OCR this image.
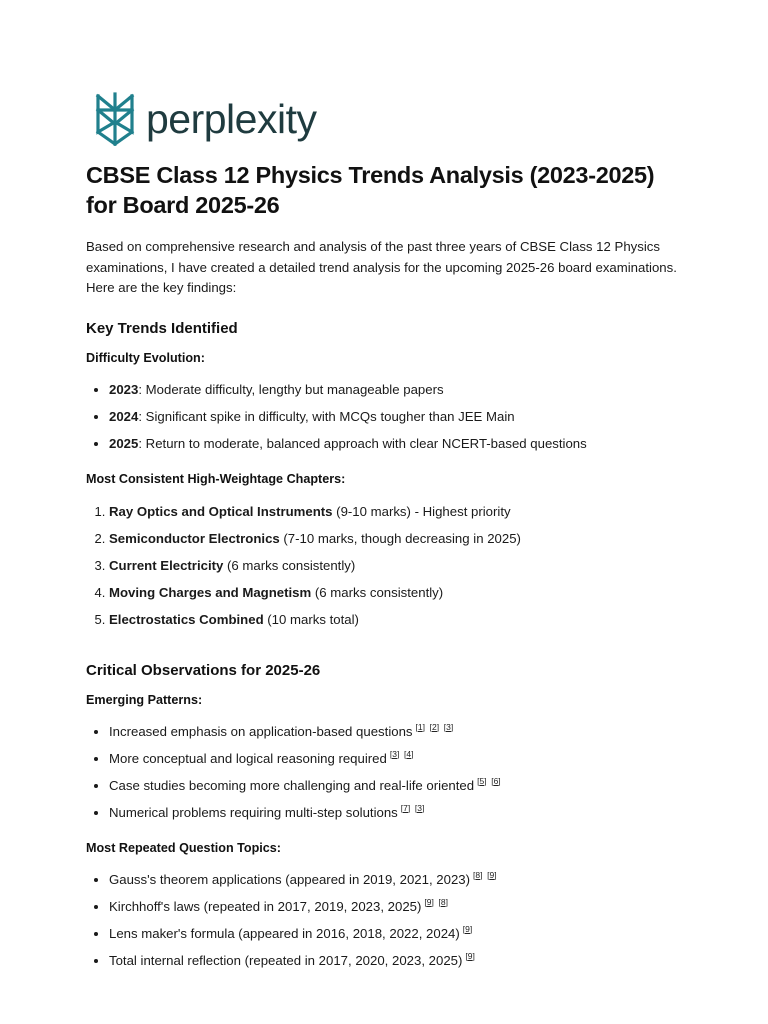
perplexity
CBSE Class 12 Physics Trends Analysis (2023-2025) for Board 2025-26

Based on comprehensive research and analysis of the past three years of CBSE Class 12 Physics examinations, I have created a detailed trend analysis for the upcoming 2025-26 board examinations. Here are the key findings:

Key Trends Identified

Difficulty Evolution:

• 2023: Moderate difficulty, lengthy but manageable papers
• 2024: Significant spike in difficulty, with MCQs tougher than JEE Main
• 2025: Return to moderate, balanced approach with clear NCERT-based questions

Most Consistent High-Weightage Chapters:

1. Ray Optics and Optical Instruments (9-10 marks) - Highest priority
2. Semiconductor Electronics (7-10 marks, though decreasing in 2025)
3. Current Electricity (6 marks consistently)
4. Moving Charges and Magnetism (6 marks consistently)
5. Electrostatics Combined (10 marks total)
Critical Observations for 2025-26

Emerging Patterns:

• Increased emphasis on application-based questions [1] [2] [3]
• More conceptual and logical reasoning required [3] [4]
• Case studies becoming more challenging and real-life oriented [5] [6]
• Numerical problems requiring multi-step solutions [7] [3]

Most Repeated Question Topics:

• Gauss's theorem applications (appeared in 2019, 2021, 2023) [8] [9]
• Kirchhoff's laws (repeated in 2017, 2019, 2023, 2025) [9] [8]
• Lens maker's formula (appeared in 2016, 2018, 2022, 2024) [9]
• Total internal reflection (repeated in 2017, 2020, 2023, 2025) [9]
